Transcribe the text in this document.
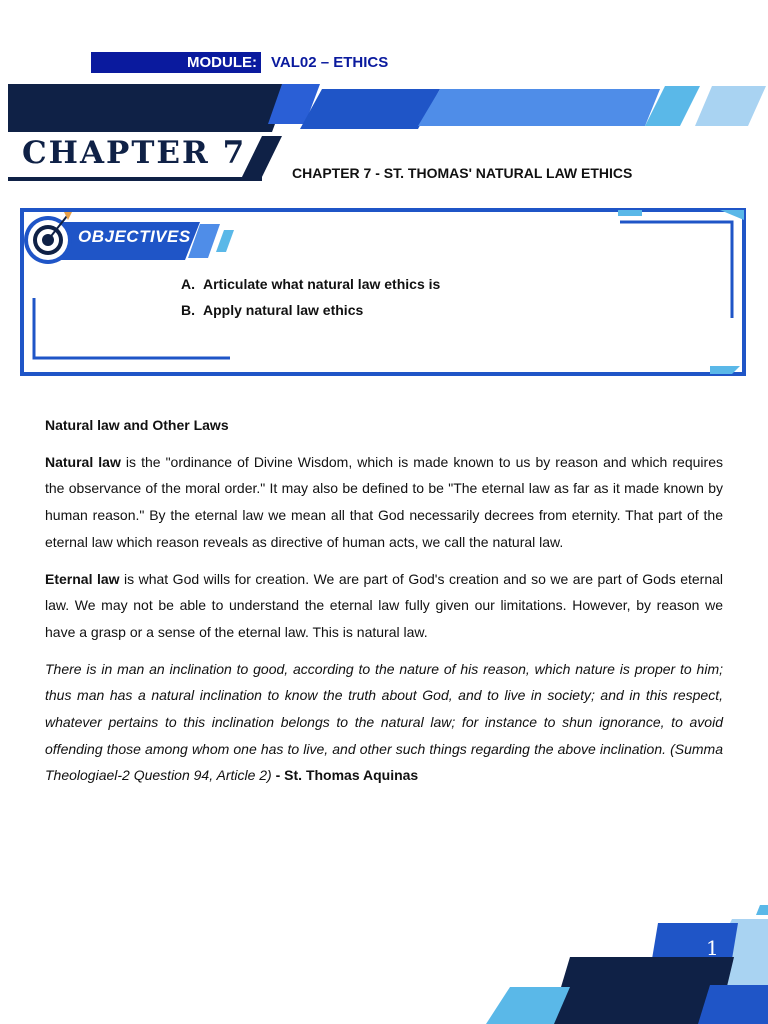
MODULE: VAL02 – ETHICS
CHAPTER 7
CHAPTER 7 - ST. THOMAS' NATURAL LAW ETHICS
OBJECTIVES
A. Articulate what natural law ethics is
B. Apply natural law ethics
Natural law and Other Laws

Natural law is the "ordinance of Divine Wisdom, which is made known to us by reason and which requires the observance of the moral order." It may also be defined to be "The eternal law as far as it made known by human reason." By the eternal law we mean all that God necessarily decrees from eternity. That part of the eternal law which reason reveals as directive of human acts, we call the natural law.

Eternal law is what God wills for creation. We are part of God's creation and so we are part of Gods eternal law. We may not be able to understand the eternal law fully given our limitations. However, by reason we have a grasp or a sense of the eternal law. This is natural law.

There is in man an inclination to good, according to the nature of his reason, which nature is proper to him; thus man has a natural inclination to know the truth about God, and to live in society; and in this respect, whatever pertains to this inclination belongs to the natural law; for instance to shun ignorance, to avoid offending those among whom one has to live, and other such things regarding the above inclination. (Summa Theologiael-2 Question 94, Article 2) - St. Thomas Aquinas

1
